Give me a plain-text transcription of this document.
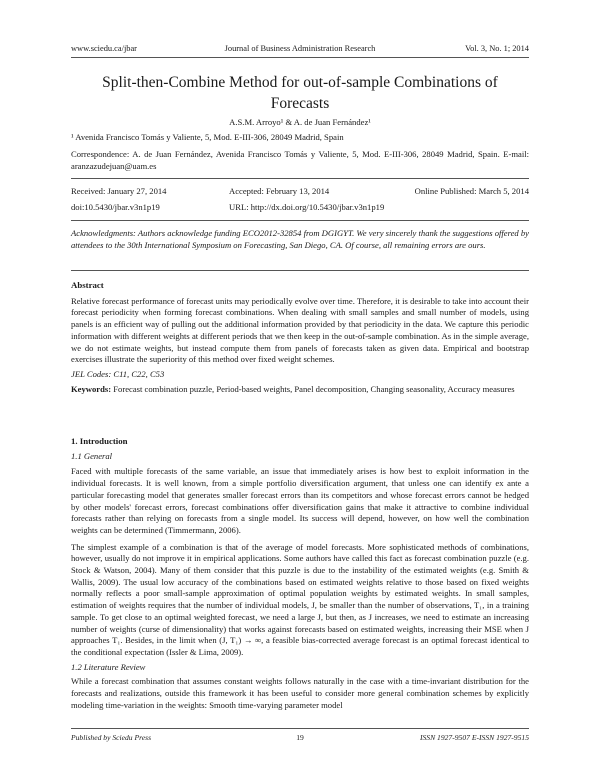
www.sciedu.ca/jbar	Journal of Business Administration Research	Vol. 3, No. 1; 2014
Split-then-Combine Method for out-of-sample Combinations of Forecasts

A.S.M. Arroyo¹ & A. de Juan Fernández¹

¹ Avenida Francisco Tomás y Valiente, 5, Mod. E-III-306, 28049 Madrid, Spain

Correspondence: A. de Juan Fernández, Avenida Francisco Tomás y Valiente, 5, Mod. E-III-306, 28049 Madrid, Spain. E-mail: aranzazudejuan@uam.es

Received: January 27, 2014	Accepted: February 13, 2014	Online Published: March 5, 2014
doi:10.5430/jbar.v3n1p19	URL: http://dx.doi.org/10.5430/jbar.v3n1p19

Acknowledgments: Authors acknowledge funding ECO2012-32854 from DGIGYT. We very sincerely thank the suggestions offered by attendees to the 30th International Symposium on Forecasting, San Diego, CA. Of course, all remaining errors are ours.

Abstract

Relative forecast performance of forecast units may periodically evolve over time. Therefore, it is desirable to take into account their forecast periodicity when forming forecast combinations. When dealing with small samples and small number of models, using panels is an efficient way of pulling out the additional information provided by that periodicity in the data. We capture this periodic information with different weights at different periods that we then keep in the out-of-sample combination. As in the simple average, we do not estimate weights, but instead compute them from panels of forecasts taken as given data. Empirical and bootstrap exercises illustrate the superiority of this method over fixed weight schemes.

JEL Codes: C11, C22, C53

Keywords: Forecast combination puzzle, Period-based weights, Panel decomposition, Changing seasonality, Accuracy measures

1. Introduction

1.1 General

Faced with multiple forecasts of the same variable, an issue that immediately arises is how best to exploit information in the individual forecasts. It is well known, from a simple portfolio diversification argument, that unless one can identify ex ante a particular forecasting model that generates smaller forecast errors than its competitors and whose forecast errors cannot be hedged by other models' forecast errors, forecast combinations offer diversification gains that make it attractive to combine individual forecasts rather than relying on forecasts from a single model. Its success will depend, however, on how well the combination weights can be determined (Timmermann, 2006).

The simplest example of a combination is that of the average of model forecasts. More sophisticated methods of combinations, however, usually do not improve it in empirical applications. Some authors have called this fact as forecast combination puzzle (e.g. Stock & Watson, 2004). Many of them consider that this puzzle is due to the instability of the estimated weights (e.g. Smith & Wallis, 2009). The usual low accuracy of the combinations based on estimated weights relative to those based on fixed weights normally reflects a poor small-sample approximation of optimal population weights by estimated weights. In small samples, estimation of weights requires that the number of individual models, J, be smaller than the number of observations, T₁, in a training sample. To get close to an optimal weighted forecast, we need a large J, but then, as J increases, we need to estimate an increasing number of weights (curse of dimensionality) that works against forecasts based on estimated weights, increasing their MSE when J approaches T₁. Besides, in the limit when (J, T₁) → ∞, a feasible bias-corrected average forecast is an optimal forecast identical to the conditional expectation (Issler & Lima, 2009).

1.2 Literature Review

While a forecast combination that assumes constant weights follows naturally in the case with a time-invariant distribution for the forecasts and realizations, outside this framework it has been useful to consider more general combination schemes by explicitly modeling time-variation in the weights: Smooth time-varying parameter model

Published by Sciedu Press	19	ISSN 1927-9507 E-ISSN 1927-9515
